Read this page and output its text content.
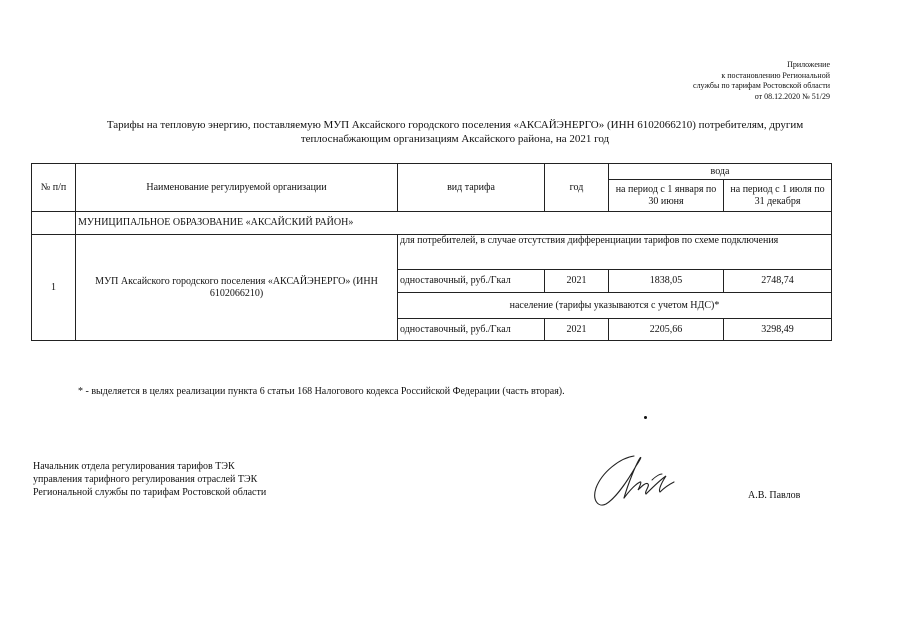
Приложение
к постановлению Региональной
службы по тарифам Ростовской области
от 08.12.2020 № 51/29
Тарифы на тепловую энергию, поставляемую МУП Аксайского городского поселения «АКСАЙЭНЕРГО» (ИНН 6102066210) потребителям, другим
теплоснабжающим организациям Аксайского района, на 2021 год
№ п/п	Наименование регулируемой организации	вид тарифа	год	вода	
				на период с 1 января по 30 июня	на период с 1 июля по 31 декабря

	МУНИЦИПАЛЬНОЕ ОБРАЗОВАНИЕ «АКСАЙСКИЙ РАЙОН»				
1	МУП Аксайского городского поселения «АКСАЙЭНЕРГО» (ИНН 6102066210)	для потребителей, в случае отсутствия дифференциации тарифов по схеме подключения			
		одноставочный, руб./Гкал	2021	1838,05	2748,74
		население (тарифы указываются с учетом НДС)*			
		одноставочный, руб./Гкал	2021	2205,66	3298,49
* - выделяется в целях реализации пункта 6 статьи 168 Налогового кодекса Российской Федерации (часть вторая).
Начальник отдела регулирования тарифов ТЭК
управления тарифного регулирования отраслей ТЭК
Региональной службы по тарифам Ростовской области	А.В. Павлов
